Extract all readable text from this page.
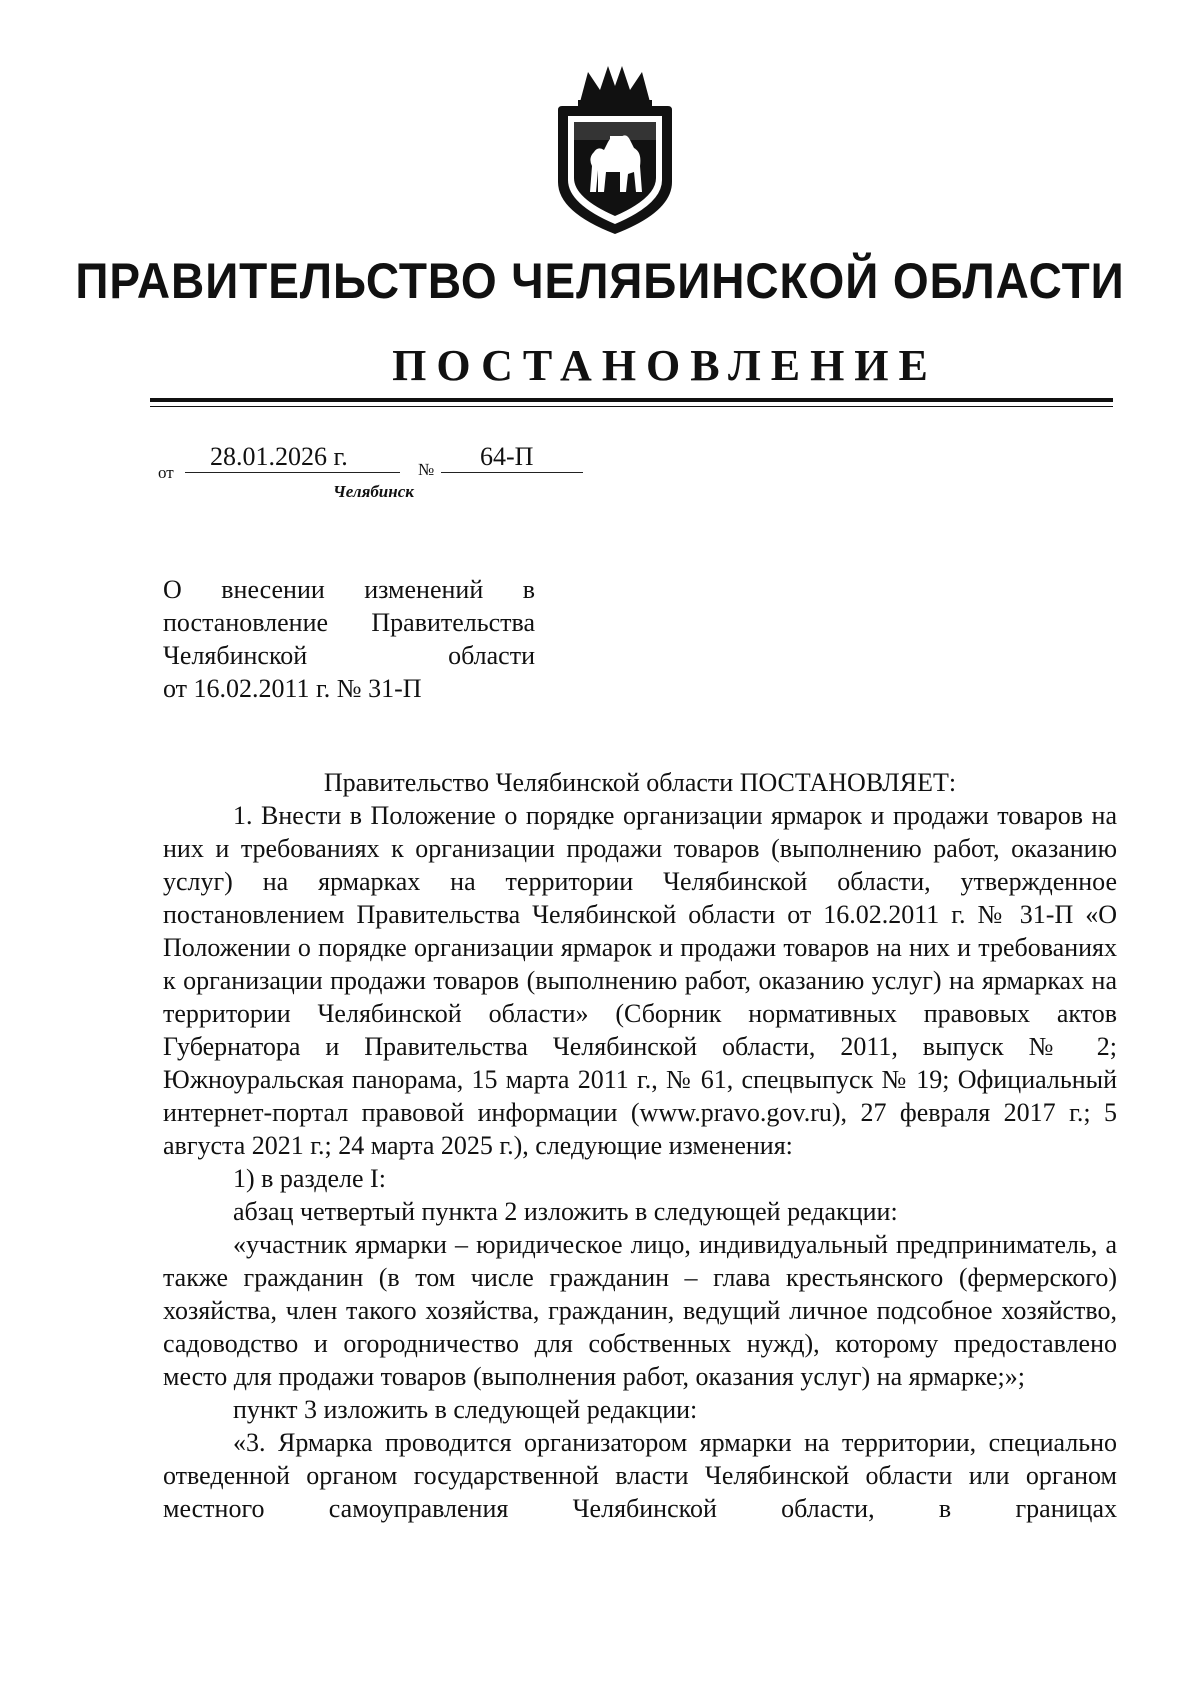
ПРАВИТЕЛЬСТВО ЧЕЛЯБИНСКОЙ ОБЛАСТИ
ПОСТАНОВЛЕНИЕ
от
28.01.2026 г.	№ 64-П
Челябинск

О внесении изменений в

постановление Правительства

Челябинской области

от 16.02.2011 г. № 31-П

Правительство Челябинской области ПОСТАНОВЛЯЕТ:

1. Внести в Положение о порядке организации ярмарок и продажи товаров на них и требованиях к организации продажи товаров (выполнению работ, оказанию услуг) на ярмарках на территории Челябинской области, утвержденное постановлением Правительства Челябинской области от 16.02.2011 г. № 31-П «О Положении о порядке организации ярмарок и продажи товаров на них и требованиях к организации продажи товаров (выполнению работ, оказанию услуг) на ярмарках на территории Челябинской области» (Сборник нормативных правовых актов Губернатора и Правительства Челябинской области, 2011, выпуск № 2; Южноуральская панорама, 15 марта 2011 г., № 61, спецвыпуск № 19; Официальный интернет-портал правовой информации (www.pravo.gov.ru), 27 февраля 2017 г.; 5 августа 2021 г.; 24 марта 2025 г.), следующие изменения:

1) в разделе I:

абзац четвертый пункта 2 изложить в следующей редакции:

«участник ярмарки – юридическое лицо, индивидуальный предприниматель, а также гражданин (в том числе гражданин – глава крестьянского (фермерского) хозяйства, член такого хозяйства, гражданин, ведущий личное подсобное хозяйство, садоводство и огородничество для собственных нужд), которому предоставлено место для продажи товаров (выполнения работ, оказания услуг) на ярмарке;»;

пункт 3 изложить в следующей редакции:

«3. Ярмарка проводится организатором ярмарки на территории, специально отведенной органом государственной власти Челябинской области или органом местного самоуправления Челябинской области, в границах
